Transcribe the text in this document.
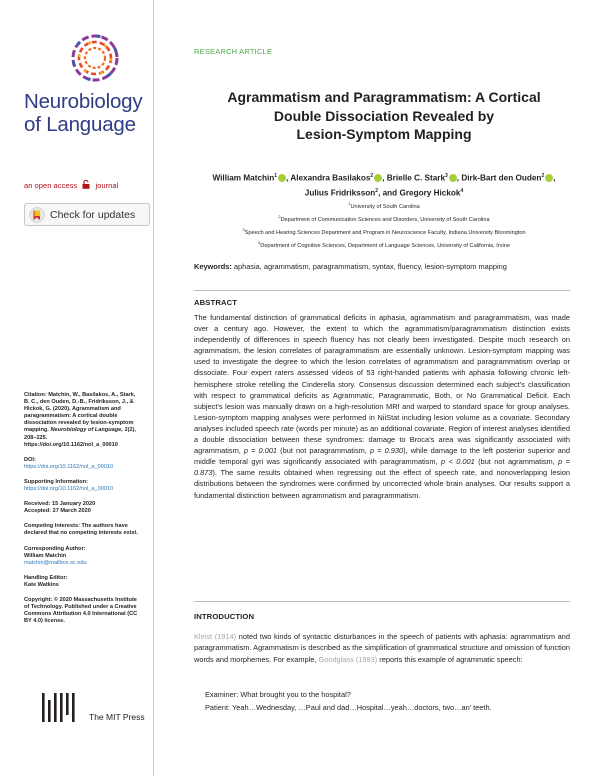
Neurobiology
of Language
an open access journal
Check for updates
Citation: Matchin, W., Basilakos, A., Stark, B. C., den Ouden, D.-B., Fridriksson, J., & Hickok, G. (2020). Agrammatism and paragrammatism: A cortical double dissociation revealed by lesion-symptom mapping. Neurobiology of Language, 1(2), 208–225. https://doi.org/10.1162/nol_a_00010
DOI:
https://doi.org/10.1162/nol_a_00010
Supporting Information:
https://doi.org/10.1162/nol_a_00010
Received: 15 January 2020
Accepted: 27 March 2020
Competing Interests: The authors have declared that no competing interests exist.
Corresponding Author:
William Matchin
matchin@mailbox.sc.edu
Handling Editor:
Kate Watkins
Copyright: © 2020 Massachusetts Institute of Technology. Published under a Creative Commons Attribution 4.0 International (CC BY 4.0) license.
The MIT Press
RESEARCH ARTICLE
Agrammatism and Paragrammatism: A Cortical
Double Dissociation Revealed by
Lesion-Symptom Mapping
William Matchin$^1$ , Alexandra Basilakos$^2$ , Brielle C. Stark$^3$ , Dirk-Bart den Ouden$^2$ ,
Julius Fridriksson$^2$, and Gregory Hickok$^4$
$^1$University of South Carolina
$^2$Department of Communication Sciences and Disorders, University of South Carolina
$^3$Speech and Hearing Sciences Department and Program in Neuroscience Faculty, Indiana University Bloomington
$^4$Department of Cognitive Sciences, Department of Language Sciences, University of California, Irvine
Keywords: aphasia, agrammatism, paragrammatism, syntax, fluency, lesion-symptom mapping
ABSTRACT
The fundamental distinction of grammatical deficits in aphasia, agrammatism and paragrammatism, was made over a century ago. However, the extent to which the agrammatism/paragrammatism distinction exists independently of differences in speech fluency has not clearly been investigated. Despite much research on agrammatism, the lesion correlates of paragrammatism are essentially unknown. Lesion-symptom mapping was used to investigate the degree to which the lesion correlates of agrammatism and paragrammatism overlap or dissociate. Four expert raters assessed videos of 53 right-handed patients with aphasia following chronic left-hemisphere stroke retelling the Cinderella story. Consensus discussion determined each subject’s classification with respect to grammatical deficits as Agrammatic, Paragrammatic, Both, or No Grammatical Deficit. Each subject’s lesion was manually drawn on a high-resolution MRI and warped to standard space for group analyses. Lesion-symptom mapping analyses were performed in NiiStat including lesion volume as a covariate. Secondary analyses included speech rate (words per minute) as an additional covariate. Region of interest analyses identified a double dissociation between these syndromes: damage to Broca’s area was significantly associated with agrammatism, p = 0.001 (but not paragrammatism, p = 0.930), while damage to the left posterior superior and middle temporal gyri was significantly associated with paragrammatism, p < 0.001 (but not agrammatism, p = 0.873). The same results obtained when regressing out the effect of speech rate, and nonoverlapping lesion distributions between the syndromes were confirmed by uncorrected whole brain analyses. Our results support a fundamental distinction between agrammatism and paragrammatism.
INTRODUCTION
Kleist (1914) noted two kinds of syntactic disturbances in the speech of patients with aphasia: agrammatism and paragrammatism. Agrammatism is described as the simplification of grammatical structure and omission of function words and morphemes. For example, Goodglass (1993) reports this example of agrammatic speech:
Examiner: What brought you to the hospital?
Patient: Yeah…Wednesday, …Paul and dad…Hospital…yeah…doctors, two…an’ teeth.
